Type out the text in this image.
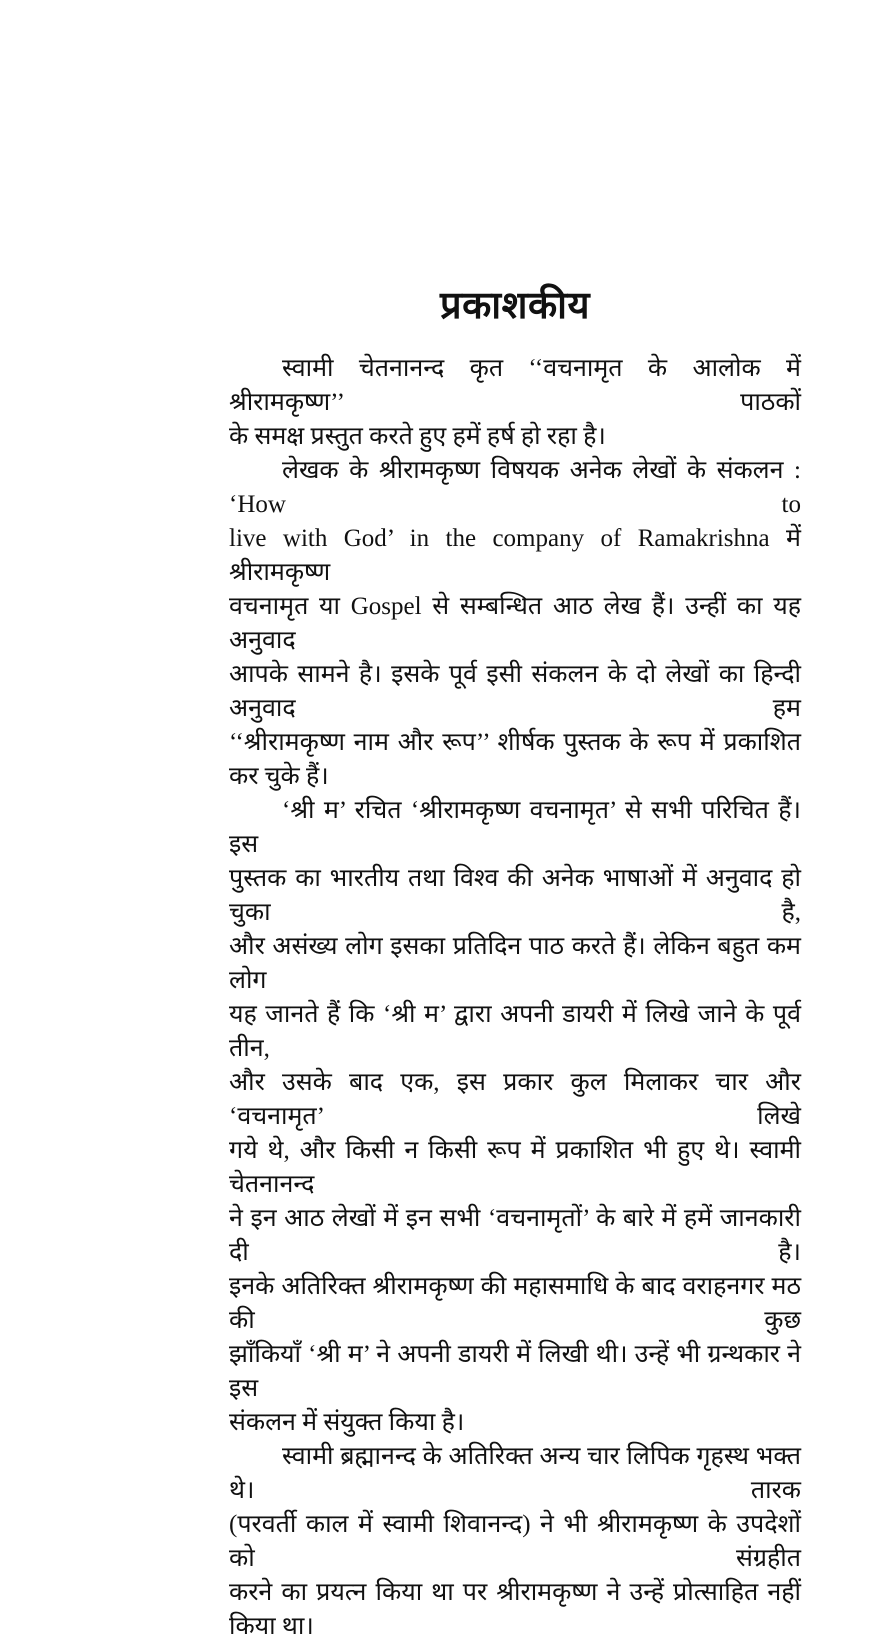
प्रकाशकीय
स्वामी चेतनानन्द कृत ‘‘वचनामृत के आलोक में श्रीरामकृष्ण’’ पाठकों
के समक्ष प्रस्तुत करते हुए हमें हर्ष हो रहा है।
लेखक के श्रीरामकृष्ण विषयक अनेक लेखों के संकलन : ‘How to
live with God’ in the company of Ramakrishna में श्रीरामकृष्ण
वचनामृत या Gospel से सम्बन्धित आठ लेख हैं। उन्हीं का यह अनुवाद
आपके सामने है। इसके पूर्व इसी संकलन के दो लेखों का हिन्दी अनुवाद हम
‘‘श्रीरामकृष्ण नाम और रूप’’ शीर्षक पुस्तक के रूप में प्रकाशित कर चुके हैं।
‘श्री म’ रचित ‘श्रीरामकृष्ण वचनामृत’ से सभी परिचित हैं। इस
पुस्तक का भारतीय तथा विश्व की अनेक भाषाओं में अनुवाद हो चुका है,
और असंख्य लोग इसका प्रतिदिन पाठ करते हैं। लेकिन बहुत कम लोग
यह जानते हैं कि ‘श्री म’ द्वारा अपनी डायरी में लिखे जाने के पूर्व तीन,
और उसके बाद एक, इस प्रकार कुल मिलाकर चार और ‘वचनामृत’ लिखे
गये थे, और किसी न किसी रूप में प्रकाशित भी हुए थे। स्वामी चेतनानन्द
ने इन आठ लेखों में इन सभी ‘वचनामृतों’ के बारे में हमें जानकारी दी है।
इनके अतिरिक्त श्रीरामकृष्ण की महासमाधि के बाद वराहनगर मठ की कुछ
झाँकियाँ ‘श्री म’ ने अपनी डायरी में लिखी थी। उन्हें भी ग्रन्थकार ने इस
संकलन में संयुक्त किया है।
स्वामी ब्रह्मानन्द के अतिरिक्त अन्य चार लिपिक गृहस्थ भक्त थे। तारक
(परवर्ती काल में स्वामी शिवानन्द) ने भी श्रीरामकृष्ण के उपदेशों को संग्रहीत
करने का प्रयत्न किया था पर श्रीरामकृष्ण ने उन्हें प्रोत्साहित नहीं किया था।
